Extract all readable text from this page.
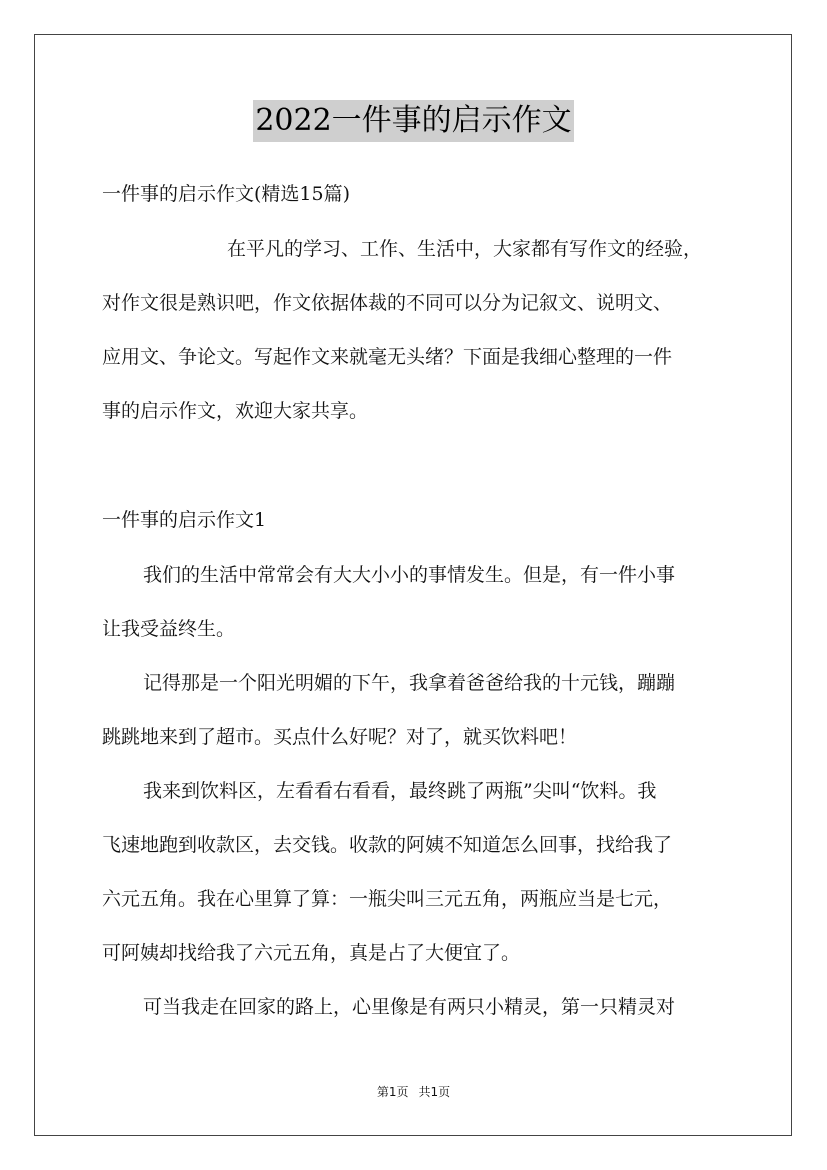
2022一件事的启示作文
一件事的启示作文(精选15篇)
在平凡的学习、工作、生活中，大家都有写作文的经验，
对作文很是熟识吧，作文依据体裁的不同可以分为记叙文、说明文、
应用文、争论文。写起作文来就毫无头绪？下面是我细心整理的一件
事的启示作文，欢迎大家共享。
一件事的启示作文1
我们的生活中常常会有大大小小的事情发生。但是，有一件小事
让我受益终生。
记得那是一个阳光明媚的下午，我拿着爸爸给我的十元钱，蹦蹦
跳跳地来到了超市。买点什么好呢？对了，就买饮料吧！
我来到饮料区，左看看右看看，最终跳了两瓶”尖叫“饮料。我
飞速地跑到收款区，去交钱。收款的阿姨不知道怎么回事，找给我了
六元五角。我在心里算了算：一瓶尖叫三元五角，两瓶应当是七元，
可阿姨却找给我了六元五角，真是占了大便宜了。
可当我走在回家的路上，心里像是有两只小精灵，第一只精灵对
第1页 共1页
